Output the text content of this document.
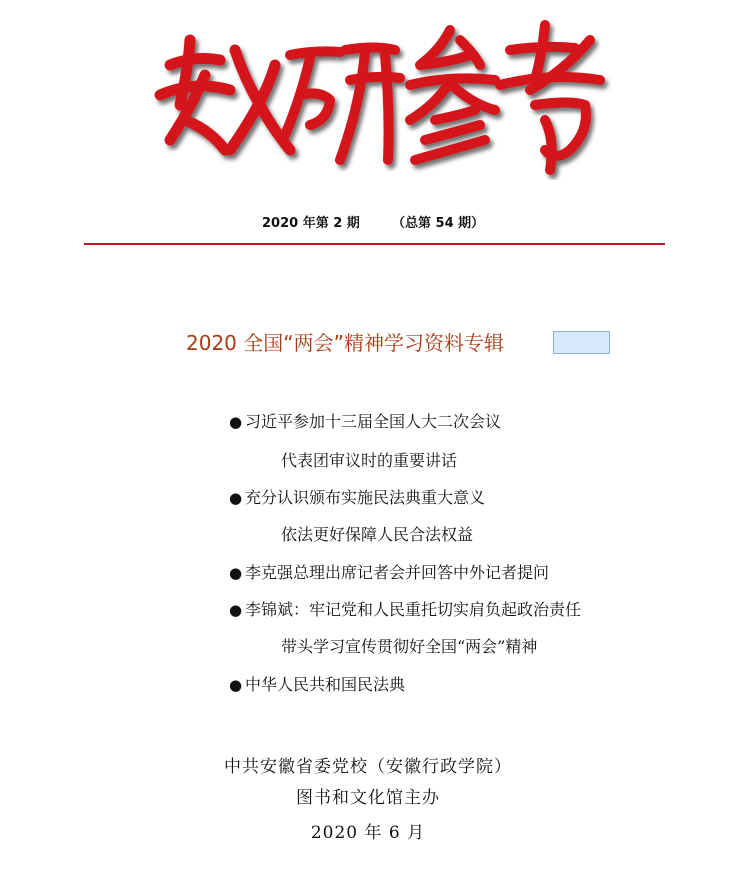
2020 年第 2 期 （总第 54 期）
2020 全国“两会”精神学习资料专辑
● 习近平参加十三届全国人大二次会议
代表团审议时的重要讲话
● 充分认识颁布实施民法典重大意义
依法更好保障人民合法权益
● 李克强总理出席记者会并回答中外记者提问
● 李锦斌：牢记党和人民重托切实肩负起政治责任
带头学习宣传贯彻好全国“两会”精神
● 中华人民共和国民法典
中共安徽省委党校（安徽行政学院）
图书和文化馆主办
2020 年 6 月
